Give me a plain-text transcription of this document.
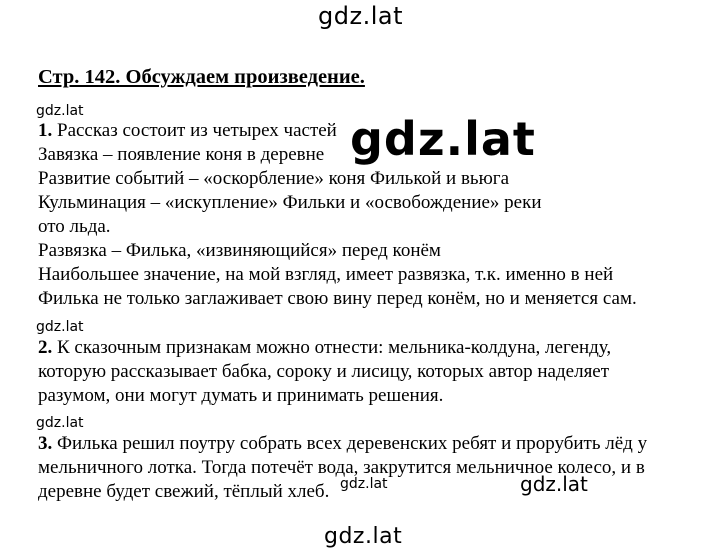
gdz.lat
Стр. 142. Обсуждаем произведение.
gdz.lat
1. Рассказ состоит из четырех частей
Завязка – появление коня в деревне
Развитие событий – «оскорбление» коня Филькой и вьюга
Кульминация – «искупление» Фильки и «освобождение» реки
ото льда.
Развязка – Филька, «извиняющийся» перед конём
Наибольшее значение, на мой взгляд, имеет развязка, т.к. именно в ней
Филька не только заглаживает свою вину перед конём, но и меняется сам.
gdz.lat
2. К сказочным признакам можно отнести: мельника-колдуна, легенду,
которую рассказывает бабка, сороку и лисицу, которых автор наделяет
разумом, они могут думать и принимать решения.
gdz.lat
3. Филька решил поутру собрать всех деревенских ребят и прорубить лёд у
мельничного лотка. Тогда потечёт вода, закрутится мельничное колесо, и в
деревне будет свежий, тёплый хлеб.
gdz.lat
gdz.lat	gdz.lat
gdz.lat
